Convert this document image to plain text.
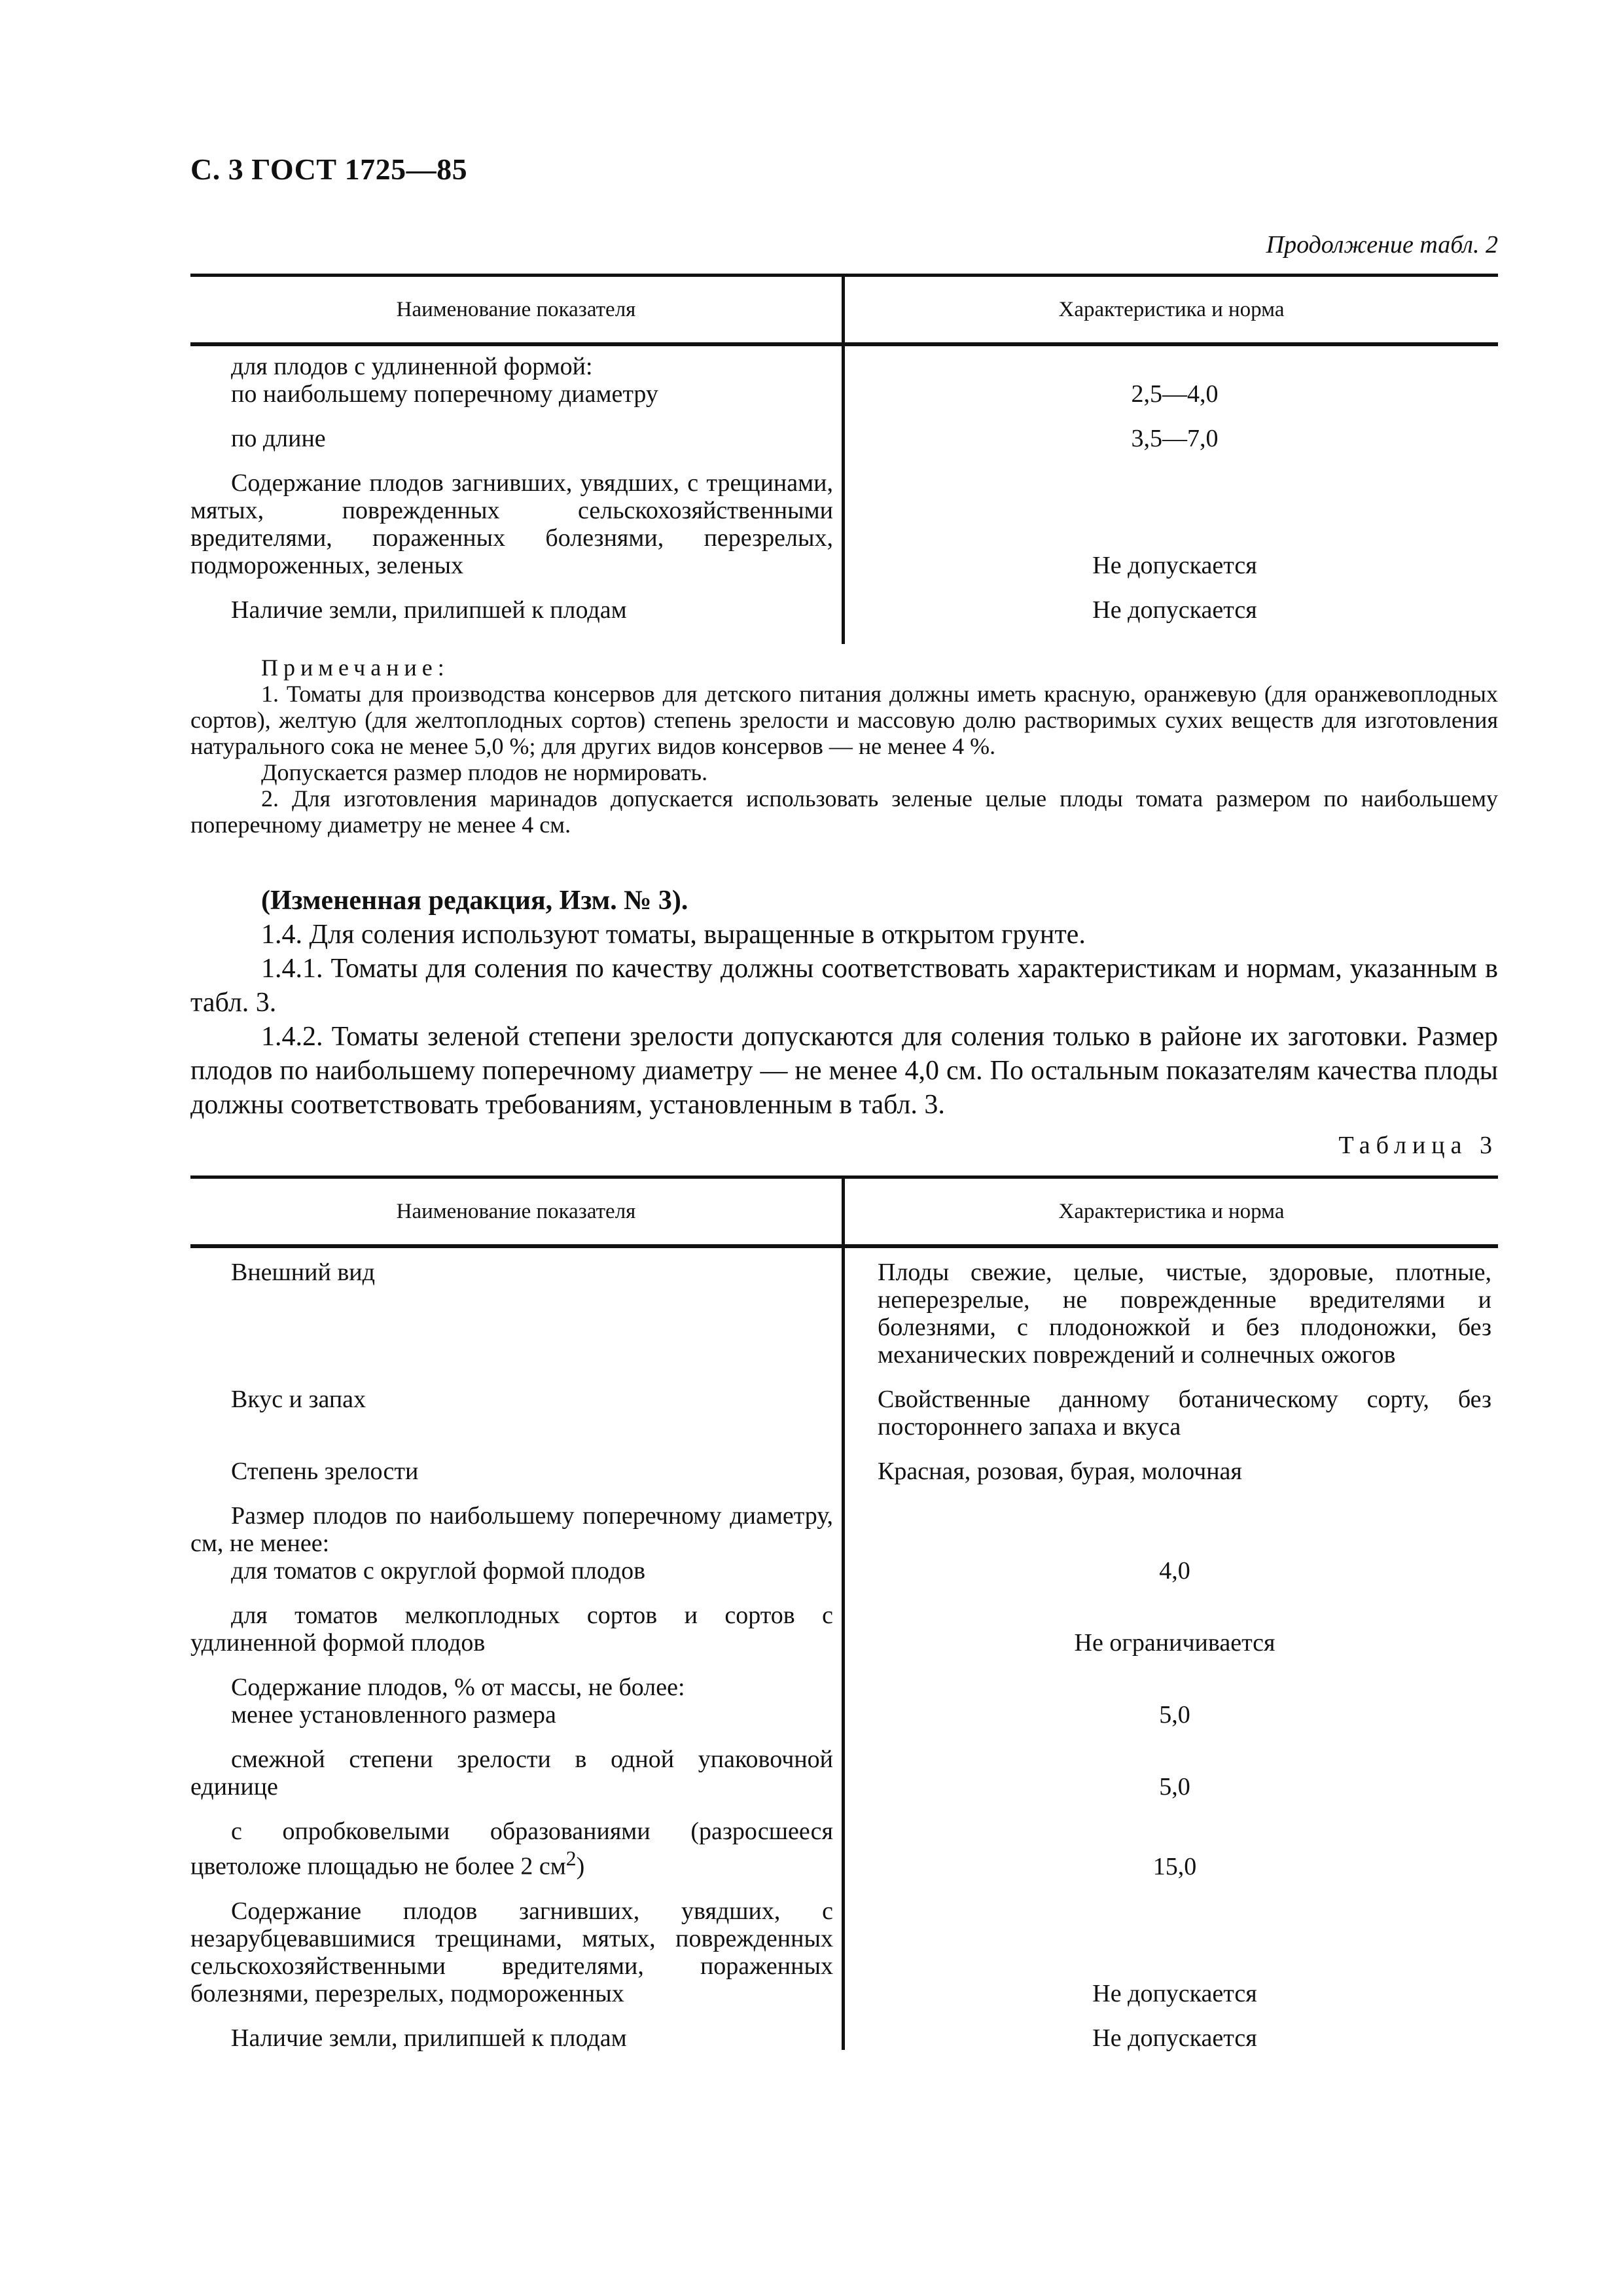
С. 3 ГОСТ 1725—85
Продолжение табл. 2
Наименование показателя	Характеристика и норма
для плодов с удлиненной формой:
по наибольшему поперечному диаметру	2,5—4,0
по длине	3,5—7,0
Содержание плодов загнивших, увядших, с трещинами, мятых, поврежденных сельскохозяйственными вредителями, пораженных болезнями, перезрелых, подмороженных, зеленых	Не допускается
Наличие земли, прилипшей к плодам	Не допускается

Примечание:

1. Томаты для производства консервов для детского питания должны иметь красную, оранжевую (для оранжевоплодных сортов), желтую (для желтоплодных сортов) степень зрелости и массовую долю растворимых сухих веществ для изготовления натурального сока не менее 5,0 %; для других видов консервов — не менее 4 %.

Допускается размер плодов не нормировать.

2. Для изготовления маринадов допускается использовать зеленые целые плоды томата размером по наибольшему поперечному диаметру не менее 4 см.

(Измененная редакция, Изм. № 3).

1.4. Для соления используют томаты, выращенные в открытом грунте.

1.4.1. Томаты для соления по качеству должны соответствовать характеристикам и нормам, указанным в табл. 3.

1.4.2. Томаты зеленой степени зрелости допускаются для соления только в районе их заготовки. Размер плодов по наибольшему поперечному диаметру — не менее 4,0 см. По остальным показателям качества плоды должны соответствовать требованиям, установленным в табл. 3.

Таблица 3
Наименование показателя	Характеристика и норма
Внешний вид	Плоды свежие, целые, чистые, здоровые, плотные, неперезрелые, не поврежденные вредителями и болезнями, с плодоножкой и без плодоножки, без механических повреждений и солнечных ожогов
Вкус и запах	Свойственные данному ботаническому сорту, без постороннего запаха и вкуса
Степень зрелости	Красная, розовая, бурая, молочная
Размер плодов по наибольшему поперечному диаметру, см, не менее:
для томатов с округлой формой плодов	4,0
для томатов мелкоплодных сортов и сортов с удлиненной формой плодов	Не ограничивается
Содержание плодов, % от массы, не более:
менее установленного размера	5,0
смежной степени зрелости в одной упаковочной единице	5,0
с опробковелыми образованиями (разросшееся цветоложе площадью не более 2 $см^2$)	15,0
Содержание плодов загнивших, увядших, с незарубцевавшимися трещинами, мятых, поврежденных сельскохозяйственными вредителями, пораженных болезнями, перезрелых, подмороженных	Не допускается
Наличие земли, прилипшей к плодам	Не допускается
